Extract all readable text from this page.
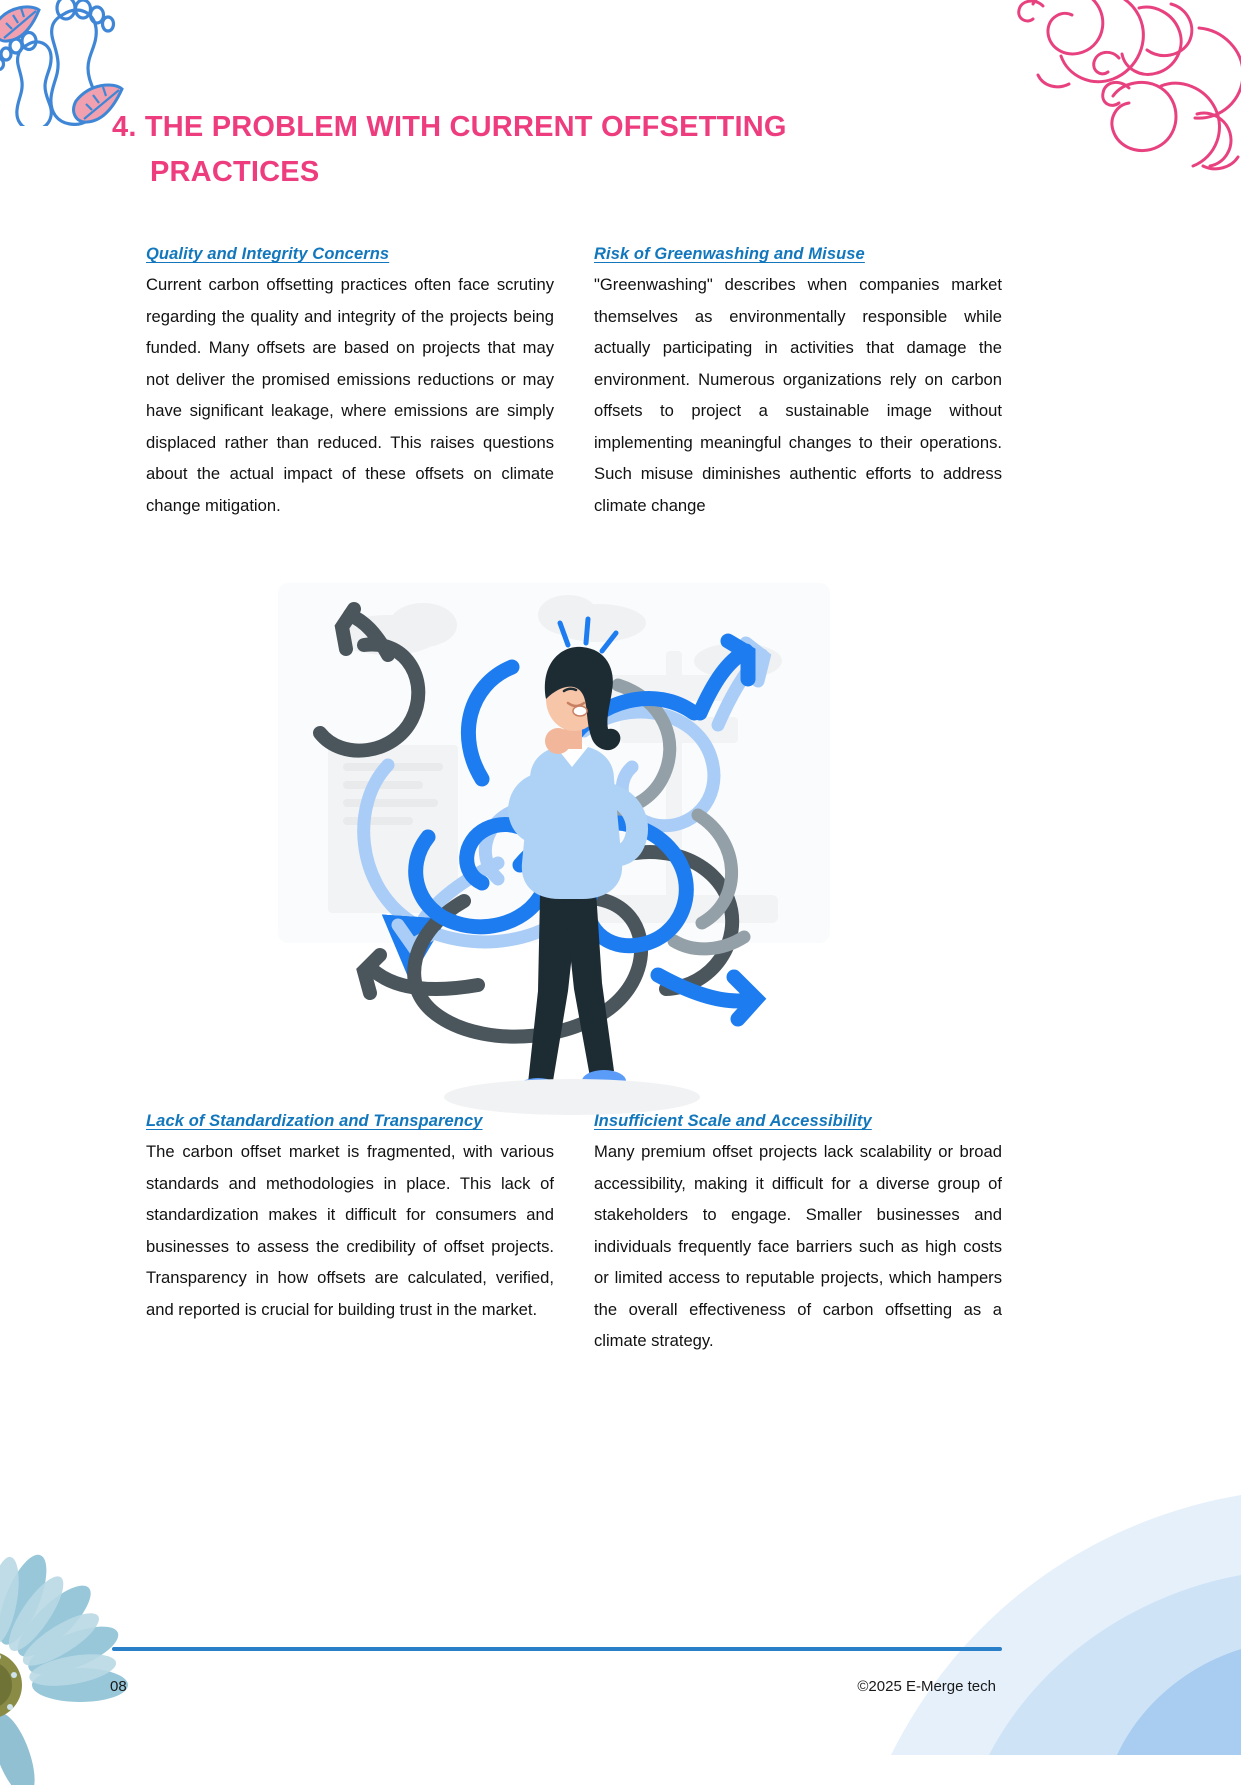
4. THE PROBLEM WITH CURRENT OFFSETTING
PRACTICES

Quality and Integrity Concerns

Current carbon offsetting practices often face scrutiny regarding the quality and integrity of the projects being funded. Many offsets are based on projects that may not deliver the promised emissions reductions or may have significant leakage, where emissions are simply displaced rather than reduced. This raises questions about the actual impact of these offsets on climate change mitigation.

Risk of Greenwashing and Misuse

"Greenwashing" describes when companies market themselves as environmentally responsible while actually participating in activities that damage the environment. Numerous organizations rely on carbon offsets to project a sustainable image without implementing meaningful changes to their operations. Such misuse diminishes authentic efforts to address climate change

Lack of Standardization and Transparency

The carbon offset market is fragmented, with various standards and methodologies in place. This lack of standardization makes it difficult for consumers and businesses to assess the credibility of offset projects. Transparency in how offsets are calculated, verified, and reported is crucial for building trust in the market.

Insufficient Scale and Accessibility

Many premium offset projects lack scalability or broad accessibility, making it difficult for a diverse group of stakeholders to engage. Smaller businesses and individuals frequently face barriers such as high costs or limited access to reputable projects, which hampers the overall effectiveness of carbon offsetting as a climate strategy.

08	©2025 E-Merge tech
